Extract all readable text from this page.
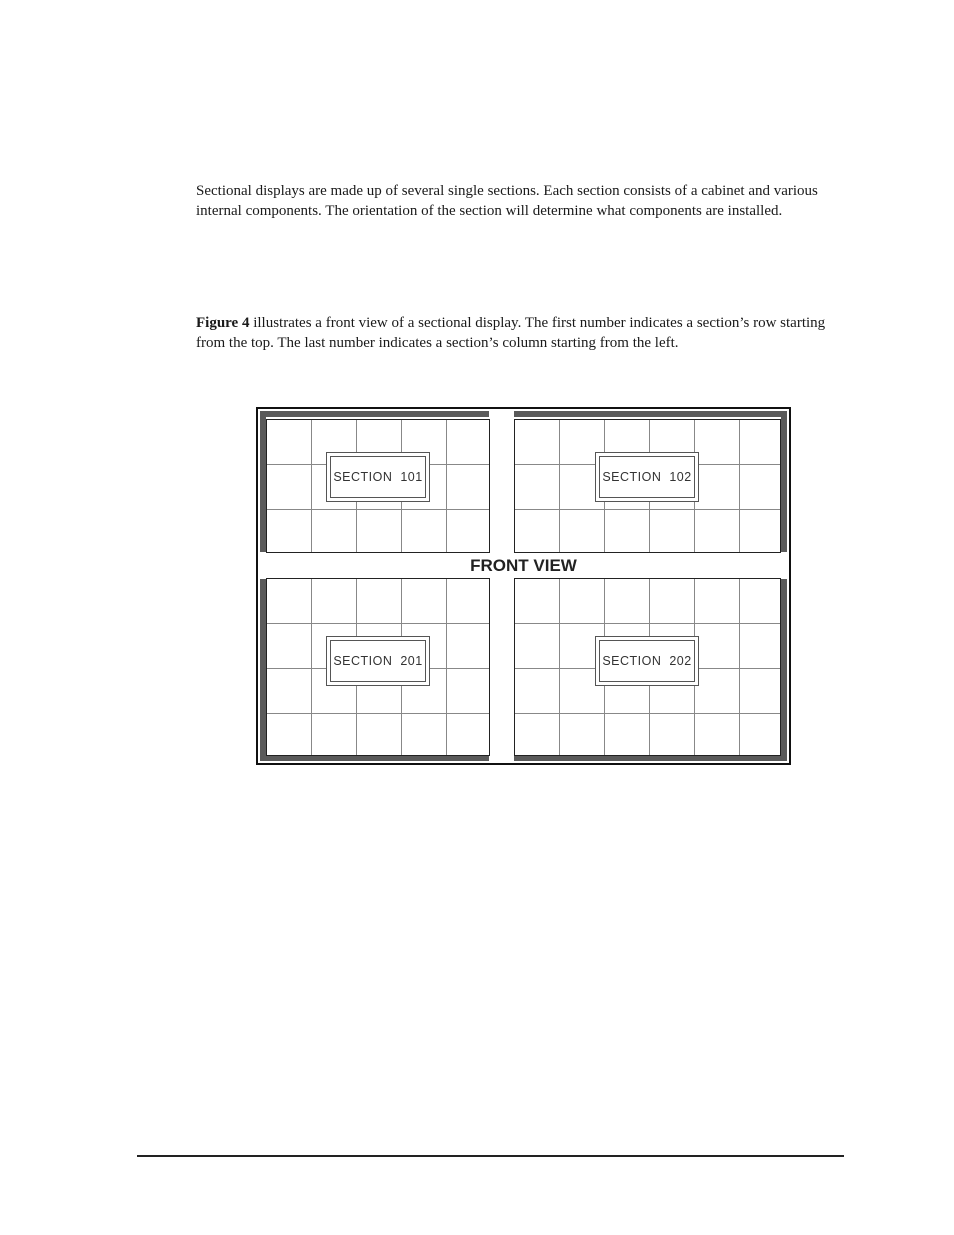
Sectional displays are made up of several single sections. Each section consists of a cabinet and various internal components. The orientation of the section will determine what components are installed.

Figure 4 illustrates a front view of a sectional display. The first number indicates a section’s row starting from the top. The last number indicates a section’s column starting from the left.

SECTION  101	SECTION  102
SECTION  201	SECTION  202
FRONT VIEW
